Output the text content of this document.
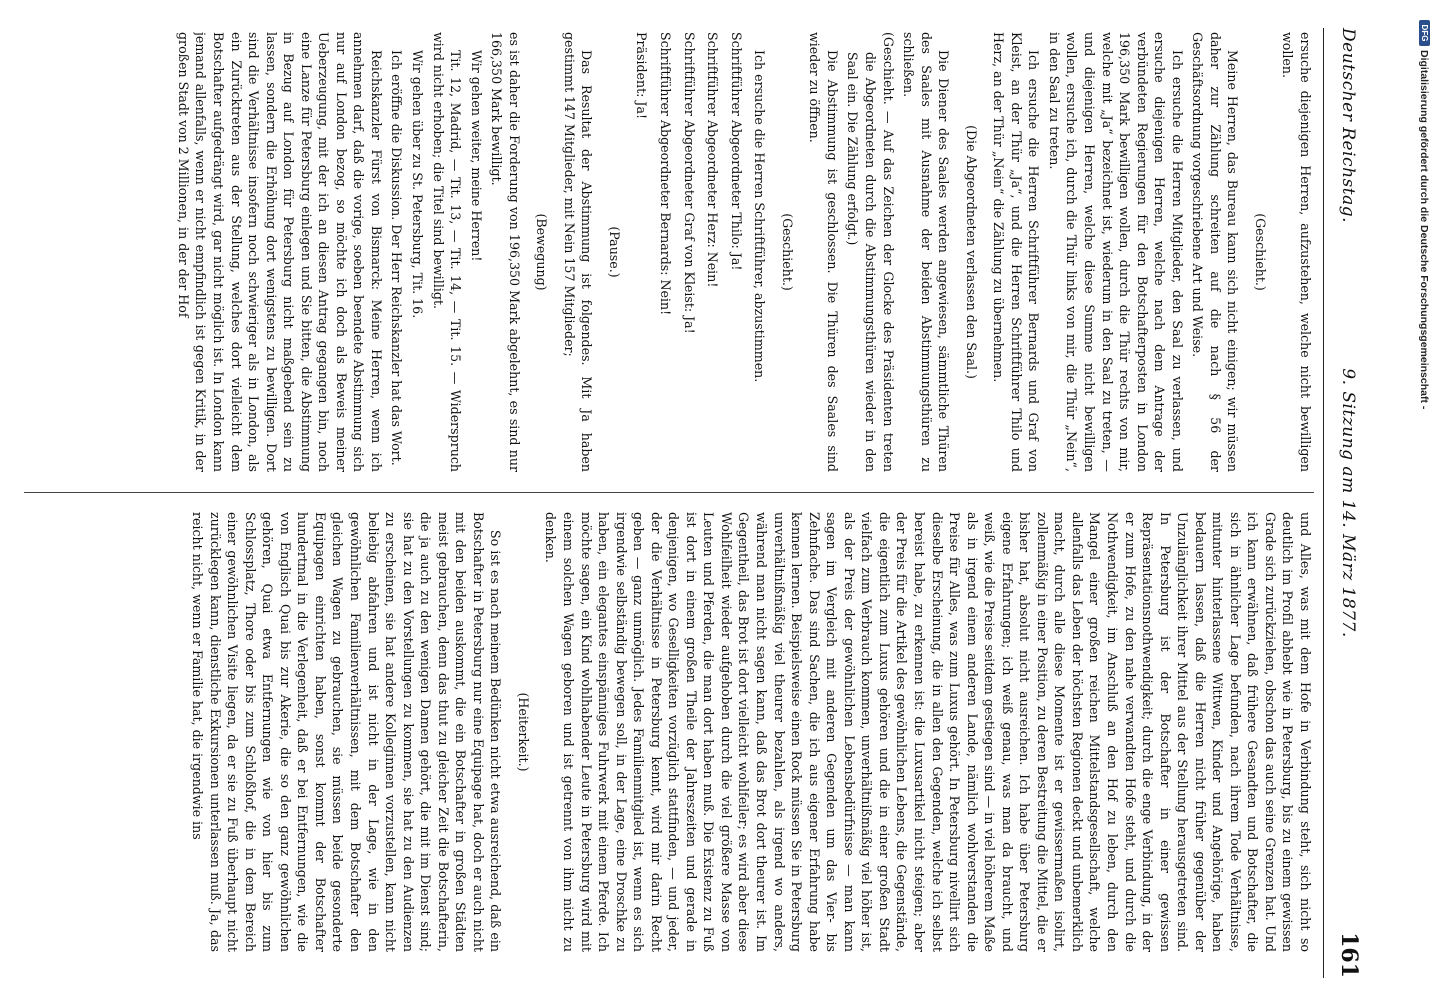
Deutscher Reichstag.
9. Sitzung am 14. März 1877.
161

ersuche diejenigen Herren, aufzustehen, welche nicht bewilligen wollen.

(Geschieht.)

Meine Herren, das Bureau kann sich nicht einigen; wir müssen daher zur Zählung schreiten auf die nach § 56 der Geschäftsordnung vorgeschriebene Art und Weise.

Ich ersuche die Herren Mitglieder, den Saal zu verlassen, und ersuche diejenigen Herren, welche nach dem Antrage der verbündeten Regierungen für den Botschafterposten in London 196,350 Mark bewilligen wollen, durch die Thür rechts von mir, welche mit „Ja“ bezeichnet ist, wiederum in den Saal zu treten, — und diejenigen Herren, welche diese Summe nicht bewilligen wollen, ersuche ich, durch die Thür links von mir, die Thür „Nein“, in den Saal zu treten.

Ich ersuche die Herren Schriftführer Bernards und Graf von Kleist, an der Thür „Ja“, und die Herren Schriftführer Thilo und Herz, an der Thür „Nein“ die Zählung zu übernehmen.

(Die Abgeordneten verlassen den Saal.)

Die Diener des Saales werden angewiesen, sämmtliche Thüren des Saales mit Ausnahme der beiden Abstimmungsthüren zu schließen.

(Geschieht. — Auf das Zeichen der Glocke des Präsidenten treten die Abgeordneten durch die Abstimmungsthüren wieder in den Saal ein. Die Zählung erfolgt.)

Die Abstimmung ist geschlossen. Die Thüren des Saales sind wieder zu öffnen.

(Geschieht.)

Ich ersuche die Herren Schriftführer, abzustimmen.

Schriftführer Abgeordneter Thilo: Ja!

Schriftführer Abgeordneter Herz: Nein!

Schriftführer Abgeordneter Graf von Kleist: Ja!

Schriftführer Abgeordneter Bernards: Nein!

Präsident: Ja!

(Pause.)

Das Resultat der Abstimmung ist folgendes. Mit Ja haben gestimmt 147 Mitglieder, mit Nein 157 Mitglieder;

(Bewegung)

es ist daher die Forderung von 196,350 Mark abgelehnt, es sind nur 166,350 Mark bewilligt.

Wir gehen weiter, meine Herren!

Tit. 12, Madrid, — Tit. 13, — Tit. 14, — Tit. 15. — Widerspruch wird nicht erhoben; die Titel sind bewilligt.

Wir gehen über zu St. Petersburg, Tit. 16.

Ich eröffne die Diskussion. Der Herr Reichskanzler hat das Wort.

Reichskanzler Fürst von Bismarck: Meine Herren, wenn ich annehmen darf, daß die vorige, soeben beendete Abstimmung sich nur auf London bezog, so möchte ich doch als Beweis meiner Ueberzeugung, mit der ich an diesen Antrag gegangen bin, noch eine Lanze für Petersburg einlegen und Sie bitten, die Abstimmung in Bezug auf London für Petersburg nicht maßgebend sein zu lassen, sondern die Erhöhung dort wenigstens zu bewilligen. Dort sind die Verhältnisse insofern noch schwieriger als in London, als ein Zurücktreten aus der Stellung, welches dort vielleicht dem Botschafter aufgedrängt wird, gar nicht möglich ist. In London kann jemand allenfalls, wenn er nicht empfindlich ist gegen Kritik, in der großen Stadt von 2 Millionen, in der der Hof

und Alles, was mit dem Hofe in Verbindung steht, sich nicht so deutlich im Profil abhebt wie in Petersburg, bis zu einem gewissen Grade sich zurückziehen, obschon das auch seine Grenzen hat. Und ich kann erwähnen, daß frühere Gesandten und Botschafter, die sich in ähnlicher Lage befunden, nach ihrem Tode Verhältnisse, mitunter hinterlassene Wittwen, Kinder und Angehörige, haben bedauern lassen, daß die Herren nicht früher gegenüber der Unzulänglichkeit ihrer Mittel aus der Stellung herausgetreten sind. In Petersburg ist der Botschafter in einer gewissen Repräsentationsnothwendigkeit; durch die enge Verbindung, in der er zum Hofe, zu den nahe verwandten Hofe steht, und durch die Nothwendigkeit, im Anschluß an den Hof zu leben, durch den Mangel einer großen reichen Mittelstandsgesellschaft, welche allenfalls das Leben der höchsten Regionen deckt und unbemerklich macht, durch alle diese Momente ist er gewissermaßen isolirt, zollenmäßig in einer Position, zu deren Bestreitung die Mittel, die er bisher hat, absolut nicht ausreichen. Ich habe über Petersburg eigene Erfahrungen; ich weiß genau, was man da braucht, und weiß, wie die Preise seitdem gestiegen sind — in viel höherem Maße als in irgend einem anderen Lande, nämlich wohlverstanden die Preise für Alles, was zum Luxus gehört. In Petersburg nivellirt sich dieselbe Erscheinung, die in allen den Gegenden, welche ich selbst bereist habe, zu erkennen ist: die Luxusartikel nicht steigen; aber der Preis für die Artikel des gewöhnlichen Lebens, die Gegenstände, die eigentlich zum Luxus gehören und die in einer großen Stadt vielfach zum Verbrauch kommen, unverhältnißmäßig viel höher ist, als der Preis der gewöhnlichen Lebensbedürfnisse — man kann sagen im Vergleich mit anderen Gegenden um das Vier- bis Zehnfache. Das sind Sachen, die ich aus eigener Erfahrung habe kennen lernen. Beispielsweise einen Rock müssen Sie in Petersburg unverhältnißmäßig viel theurer bezahlen, als irgend wo anders, während man nicht sagen kann, daß das Brot dort theurer ist. Im Gegentheil, das Brot ist dort vielleicht wohlfeiler; es wird aber diese Wohlfeilheit wieder aufgehoben durch die viel größere Masse von Leuten und Pferden, die man dort haben muß. Die Existenz zu Fuß ist dort in einem großen Theile der Jahreszeiten und gerade in denjenigen, wo Geselligkeiten vorzüglich stattfinden, — und jeder, der die Verhältnisse in Petersburg kennt, wird mir darin Recht geben — ganz unmöglich. Jedes Familienmitglied ist, wenn es sich irgendwie selbständig bewegen soll, in der Lage, eine Droschke zu haben, ein elegantes einspänniges Fuhrwerk mit einem Pferde. Ich möchte sagen, ein Kind wohlhabender Leute in Petersburg wird mit einem solchen Wagen geboren und ist getrennt von ihm nicht zu denken.

(Heiterkeit.)

So ist es nach meinem Bedünken nicht etwa ausreichend, daß ein Botschafter in Petersburg nur eine Equipage hat, doch er auch nicht mit den beiden auskommt, die ein Botschafter in großen Städten meist gebrauchen, denn das thut zu gleicher Zeit die Botschafterin, die ja auch zu den wenigen Damen gehört, die mit im Dienst sind; sie hat zu den Vorstellungen zu kommen, sie hat zu den Audienzen zu erscheinen, sie hat andere Kolleginnen vorzustellen, kann nicht beliebig abfahren und ist nicht in der Lage, wie in den gewöhnlichen Familienverhältnissen, mit dem Botschafter den gleichen Wagen zu gebrauchen, sie müssen beide gesonderte Equipagen einrichten haben, sonst kommt der Botschafter hundertmal in die Verlegenheit, daß er bei Entfernungen, wie die von Englisch Quai bis zur Akerie, die so den ganz gewöhnlichen gehören, Quai etwa Entfernungen wie von hier bis zum Schlossplatz, Thore oder bis zum Schloßhof, die in dem Bereich einer gewöhnlichen Visite liegen, da er sie zu Fuß überhaupt nicht zurücklegen kann, dienstliche Exkursionen unterlassen muß. Ja, das reicht nicht, wenn er Familie hat, die irgendwie ins

DFG
Digitalisierung gefördert durch die Deutsche Forschungsgemeinschaft -
